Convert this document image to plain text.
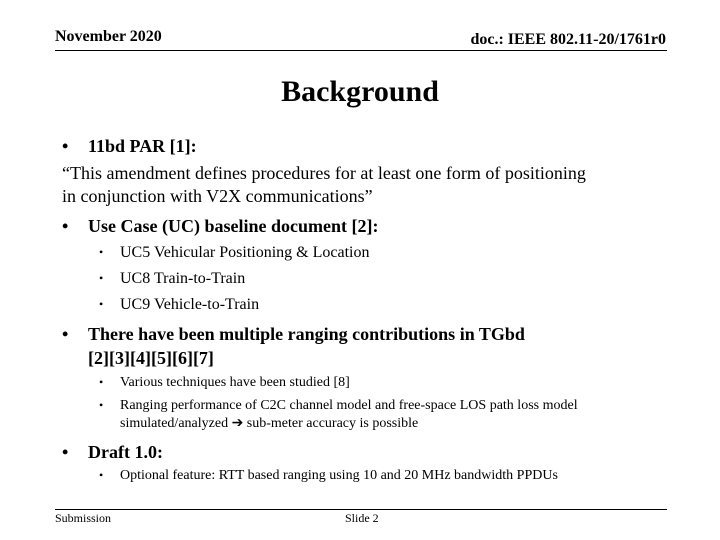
November 2020	doc.: IEEE 802.11-20/1761r0
Background
• 11bd PAR [1]:
“This amendment defines procedures for at least one form of positioning
in conjunction with V2X communications”
• Use Case (UC) baseline document [2]:
• UC5 Vehicular Positioning & Location
• UC8 Train-to-Train
• UC9 Vehicle-to-Train
• There have been multiple ranging contributions in TGbd
[2][3][4][5][6][7]
• Various techniques have been studied [8]
• Ranging performance of C2C channel model and free-space LOS path loss model simulated/analyzed ➔ sub-meter accuracy is possible
• Draft 1.0:
• Optional feature: RTT based ranging using 10 and 20 MHz bandwidth PPDUs
Submission	Slide 2
